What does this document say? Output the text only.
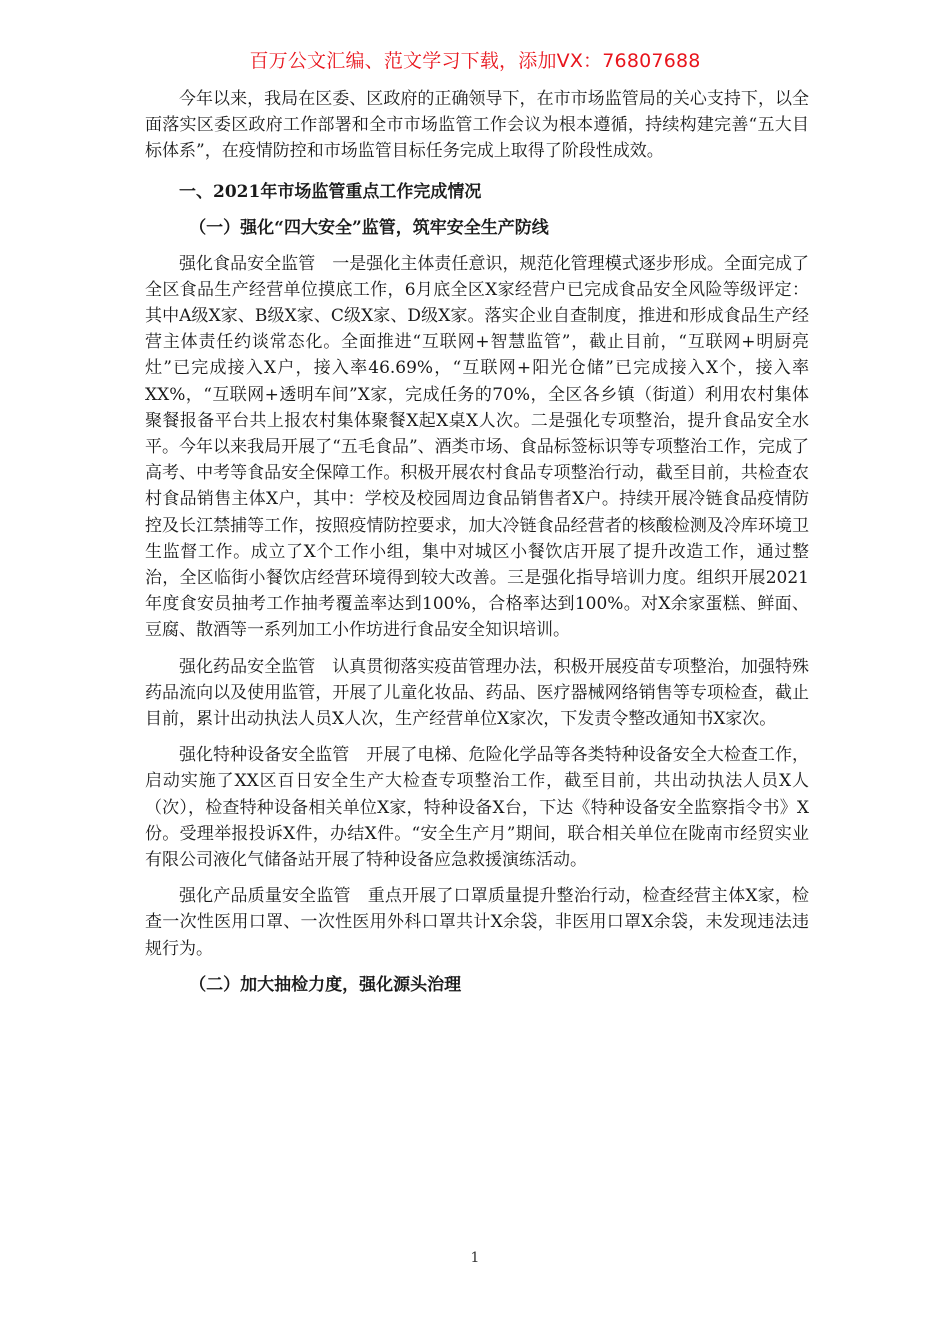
百万公文汇编、范文学习下载，添加VX：76807688

今年以来，我局在区委、区政府的正确领导下，在市市场监管局的关心支持下，以全面落实区委区政府工作部署和全市市场监管工作会议为根本遵循，持续构建完善“五大目标体系”，在疫情防控和市场监管目标任务完成上取得了阶段性成效。

一、2021年市场监管重点工作完成情况
（一）强化“四大安全”监管，筑牢安全生产防线

强化食品安全监管 一是强化主体责任意识，规范化管理模式逐步形成。全面完成了全区食品生产经营单位摸底工作，6月底全区X家经营户已完成食品安全风险等级评定：其中A级X家、B级X家、C级X家、D级X家。落实企业自查制度，推进和形成食品生产经营主体责任约谈常态化。全面推进“互联网+智慧监管”，截止目前，“互联网+明厨亮灶”已完成接入X户，接入率46.69%，“互联网+阳光仓储”已完成接入X个，接入率XX%，“互联网+透明车间”X家，完成任务的70%，全区各乡镇（街道）利用农村集体聚餐报备平台共上报农村集体聚餐X起X桌X人次。二是强化专项整治，提升食品安全水平。今年以来我局开展了“五毛食品”、酒类市场、食品标签标识等专项整治工作，完成了高考、中考等食品安全保障工作。积极开展农村食品专项整治行动，截至目前，共检查农村食品销售主体X户，其中：学校及校园周边食品销售者X户。持续开展冷链食品疫情防控及长江禁捕等工作，按照疫情防控要求，加大冷链食品经营者的核酸检测及冷库环境卫生监督工作。成立了X个工作小组，集中对城区小餐饮店开展了提升改造工作，通过整治，全区临街小餐饮店经营环境得到较大改善。三是强化指导培训力度。组织开展2021年度食安员抽考工作抽考覆盖率达到100%，合格率达到100%。对X余家蛋糕、鲜面、豆腐、散酒等一系列加工小作坊进行食品安全知识培训。

强化药品安全监管 认真贯彻落实疫苗管理办法，积极开展疫苗专项整治，加强特殊药品流向以及使用监管，开展了儿童化妆品、药品、医疗器械网络销售等专项检查，截止目前，累计出动执法人员X人次，生产经营单位X家次，下发责令整改通知书X家次。

强化特种设备安全监管 开展了电梯、危险化学品等各类特种设备安全大检查工作，启动实施了XX区百日安全生产大检查专项整治工作，截至目前，共出动执法人员X人（次），检查特种设备相关单位X家，特种设备X台，下达《特种设备安全监察指令书》X份。受理举报投诉X件，办结X件。“安全生产月”期间，联合相关单位在陇南市经贸实业有限公司液化气储备站开展了特种设备应急救援演练活动。

强化产品质量安全监管 重点开展了口罩质量提升整治行动，检查经营主体X家，检查一次性医用口罩、一次性医用外科口罩共计X余袋，非医用口罩X余袋，未发现违法违规行为。

（二）加大抽检力度，强化源头治理
1
